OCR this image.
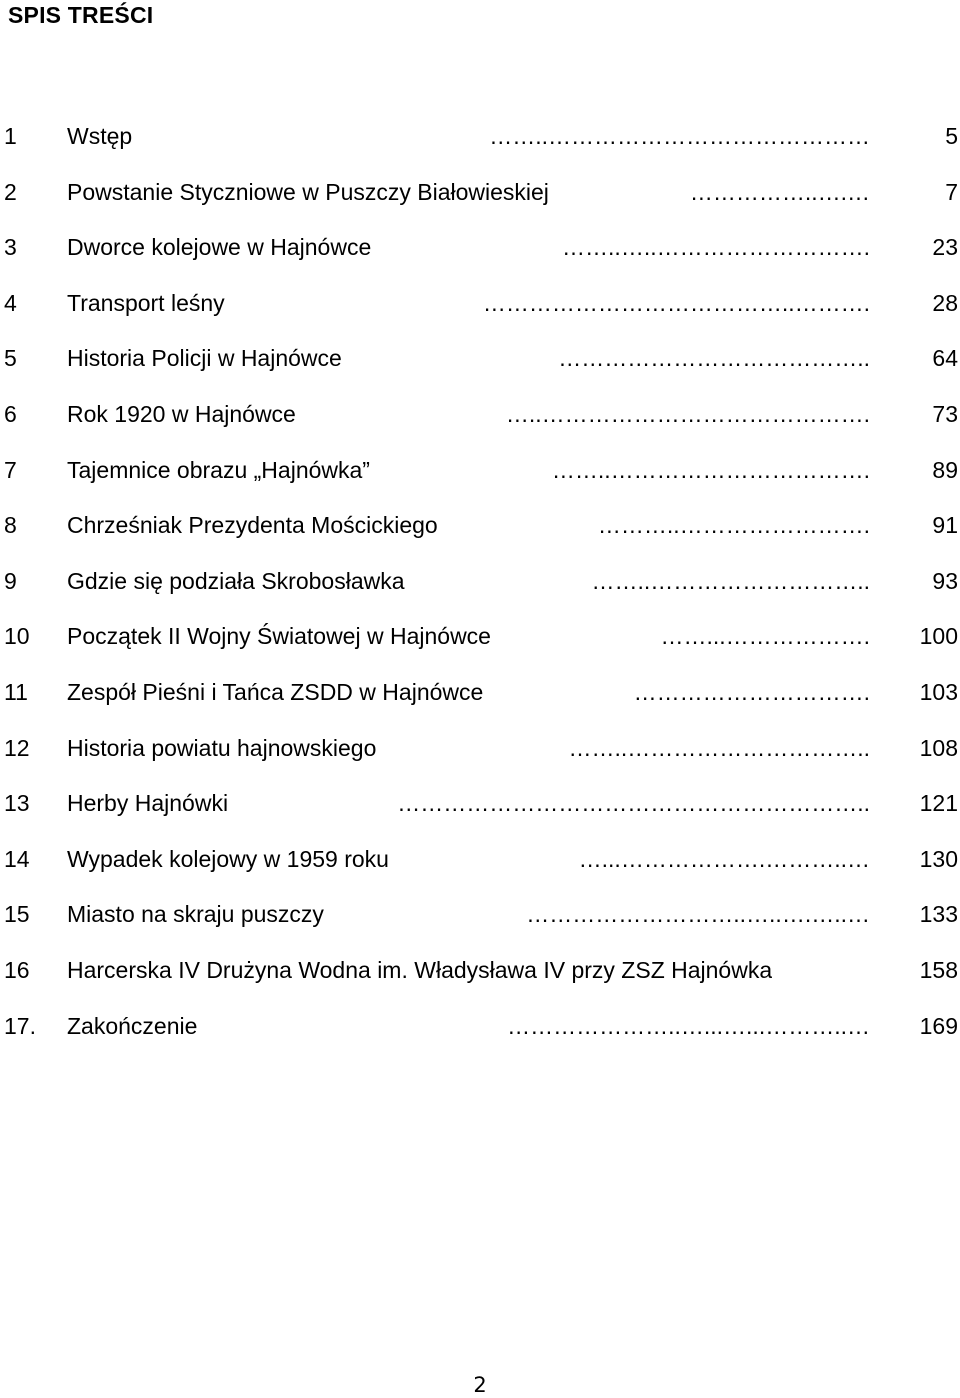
SPIS TREŚCI
1 Wstęp	……..……………………………………	5
2 Powstanie Styczniowe w Puszczy Białowieskiej	……………..….…	7
3 Dworce kolejowe w Hajnówce	……..…..……………………….	23
4 Transport leśny	…………………………………..……….	28
5 Historia Policji w Hajnówce	…………………………………..	64
6 Rok 1920 w Hajnówce	…..…………………………………….	73
7 Tajemnice obrazu „Hajnówka”	……..…………………………….	89
8 Chrześniak Prezydenta Mościckiego	………..…………………….	91
9 Gdzie się podziała Skrobosławka	……..………………………..	93
10 Początek II Wojny Światowej w Hajnówce	……...………………. 100
11 Zespół Pieśni i Tańca ZSDD w Hajnówce	…………………………. 103
12 Historia powiatu hajnowskiego	……..………………………….. 108
13 Herby Hajnówki	…………………………………………………….. 121
14 Wypadek kolejowy w 1959 roku	…...……………….………..… 130
15 Miasto na skraju puszczy	………………………..…..….…..… 133
16 Harcerska IV Drużyna Wodna im. Władysława IV przy ZSZ Hajnówka	158
17. Zakończenie	…………………..…...…...………..… 169
2
